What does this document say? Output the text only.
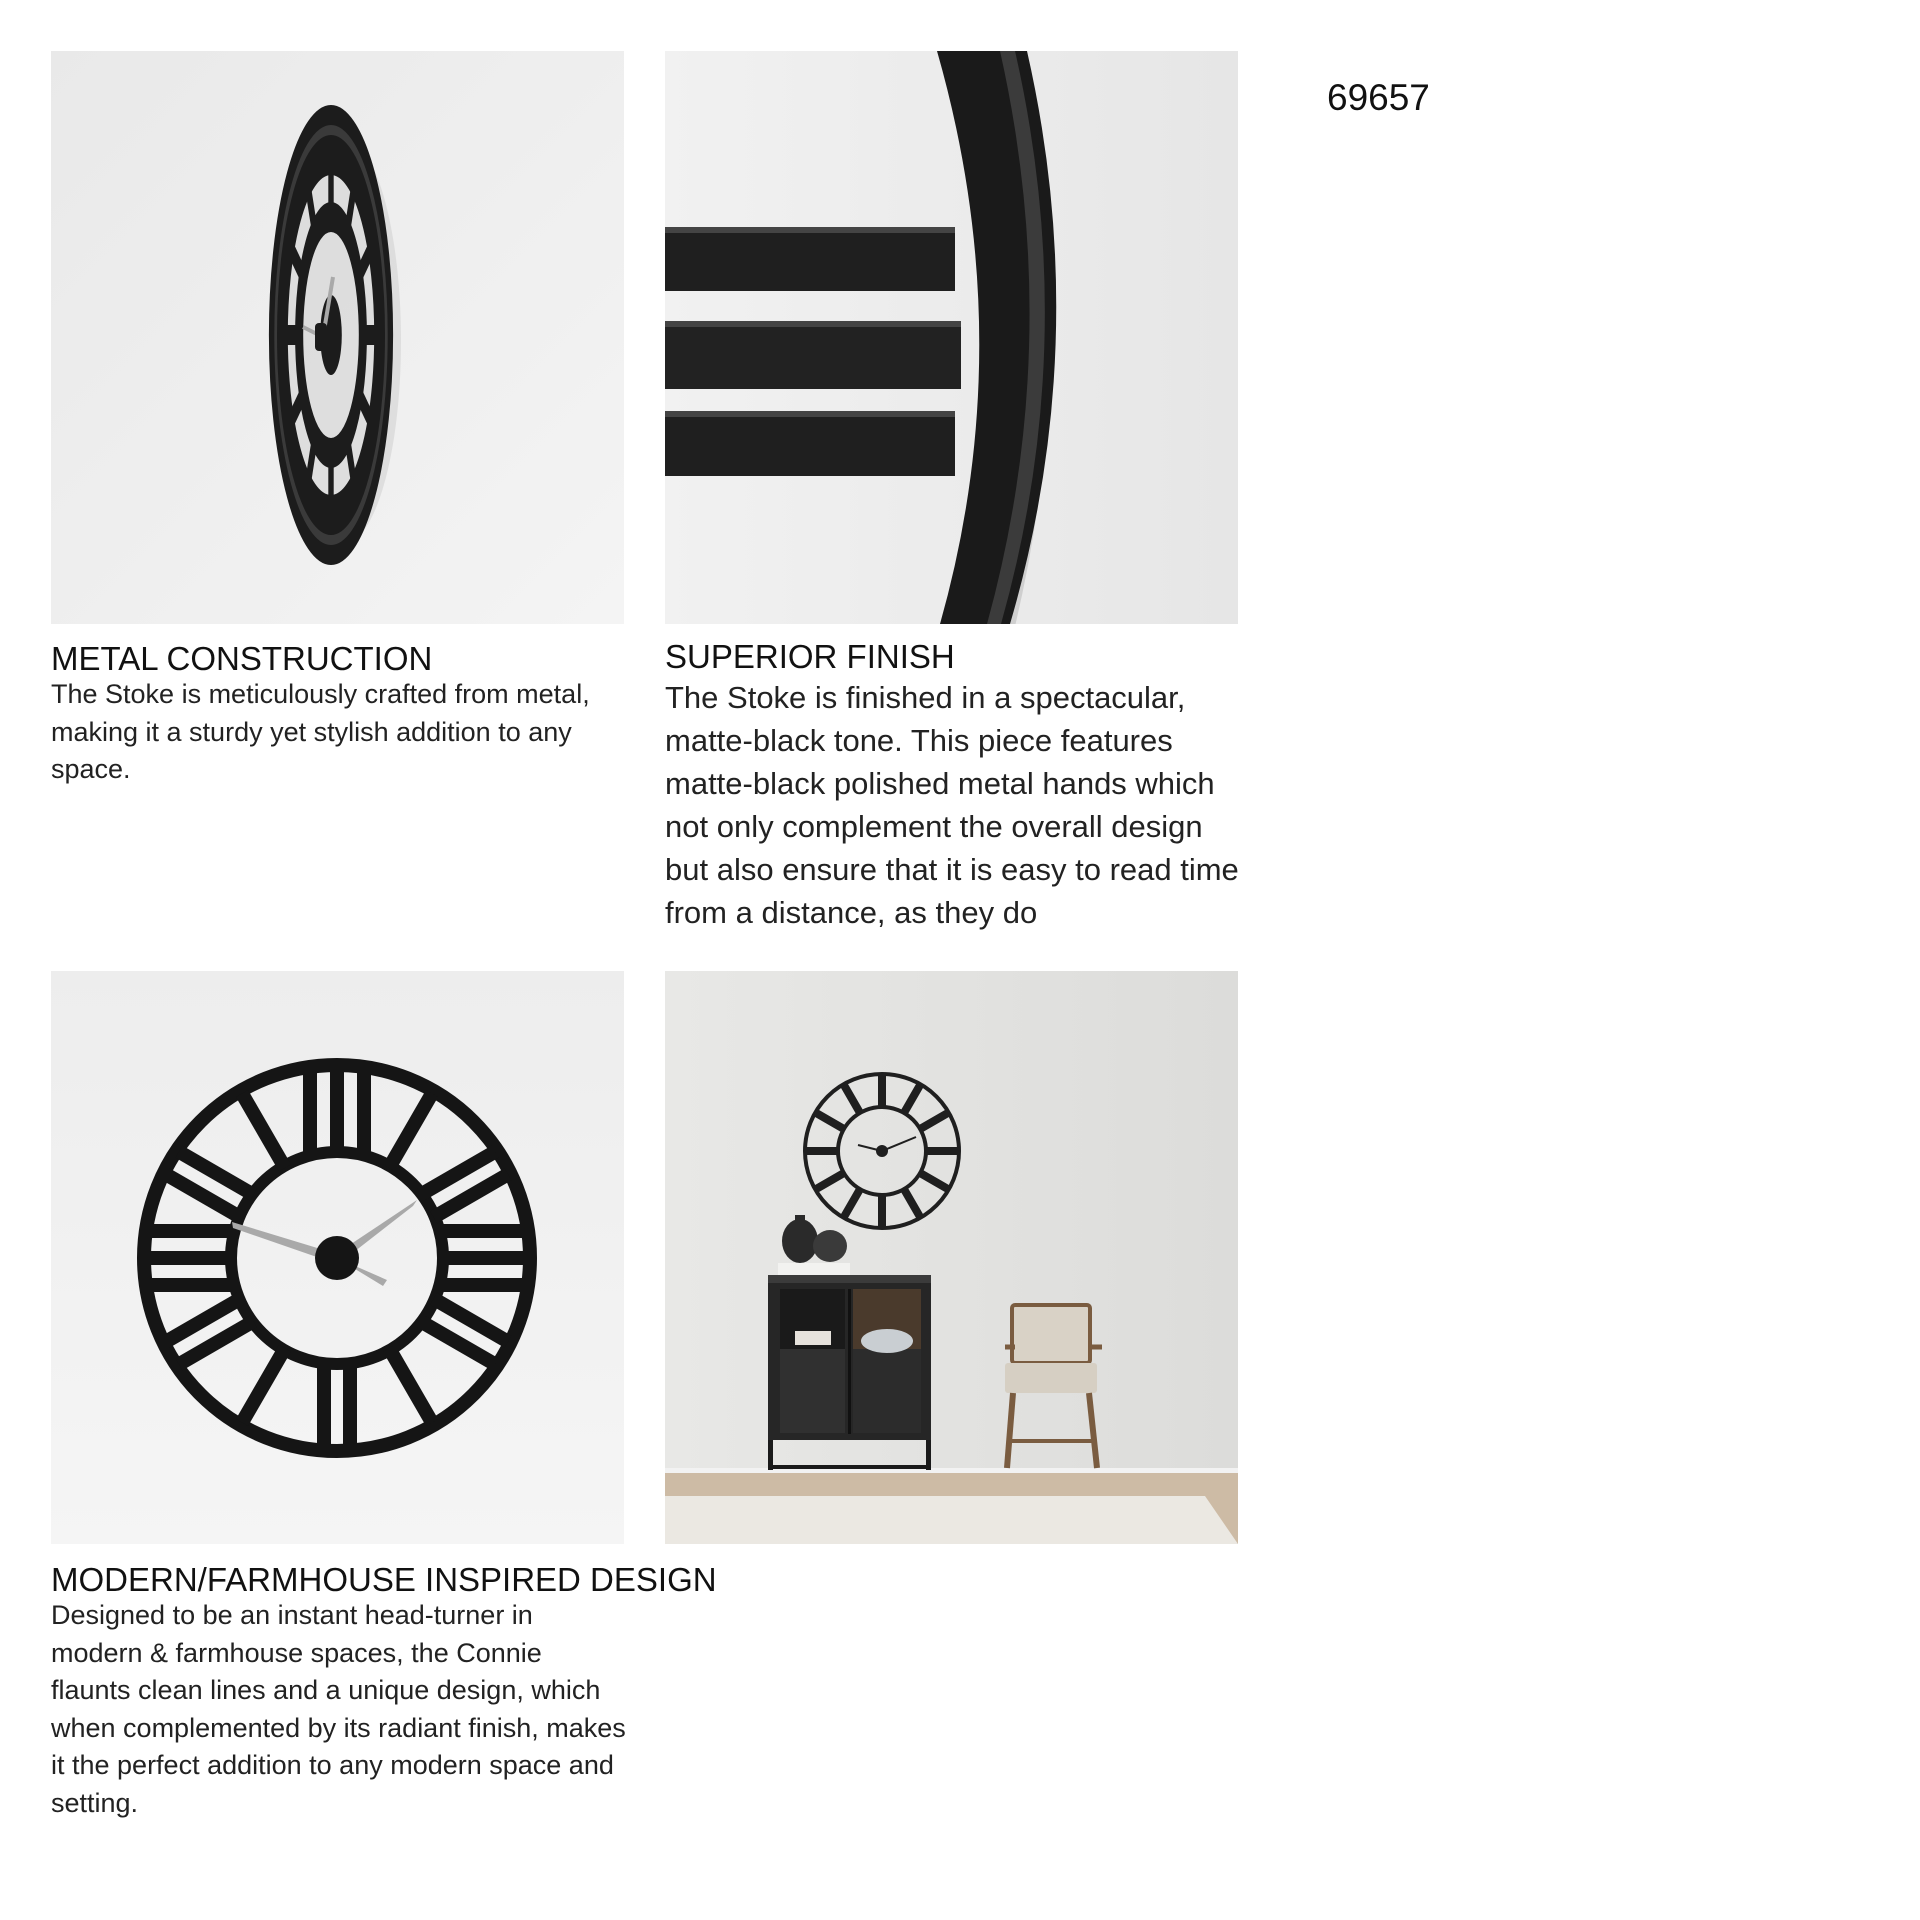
69657
METAL CONSTRUCTION

The Stoke is meticulously crafted from metal, making it a sturdy yet stylish addition to any space.

SUPERIOR FINISH

The Stoke is finished in a spectacular, matte-black tone. This piece features matte-black polished metal hands which not only complement the overall design but also ensure that it is easy to read time from a distance, as they do

MODERN/FARMHOUSE INSPIRED DESIGN

Designed to be an instant head-turner in modern & farmhouse spaces, the Connie flaunts clean lines and a unique design, which when complemented by its radiant finish, makes it the perfect addition to any modern space and setting.
